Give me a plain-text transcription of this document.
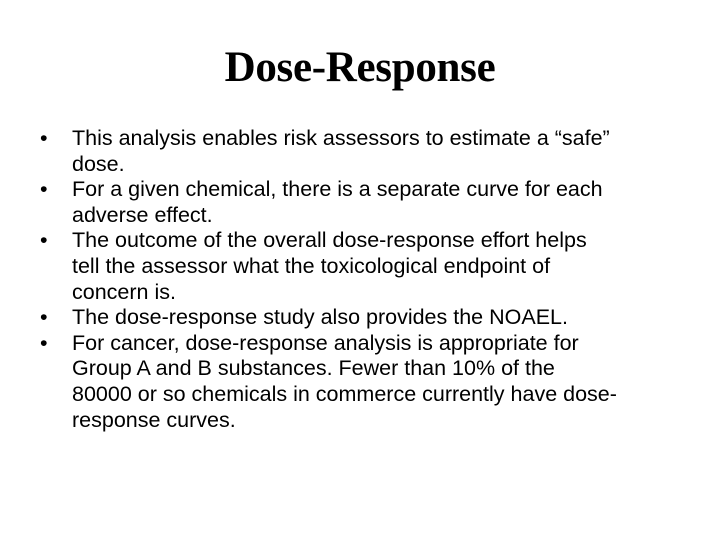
Dose-Response
•	This analysis enables risk assessors to estimate a “safe”
dose.
•	For a given chemical, there is a separate curve for each
adverse effect.
•	The outcome of the overall dose-response effort helps
tell the assessor what the toxicological endpoint of
concern is.
•	The dose-response study also provides the NOAEL.
•	For cancer, dose-response analysis is appropriate for
Group A and B substances. Fewer than 10% of the
80000 or so chemicals in commerce currently have dose-
response curves.
